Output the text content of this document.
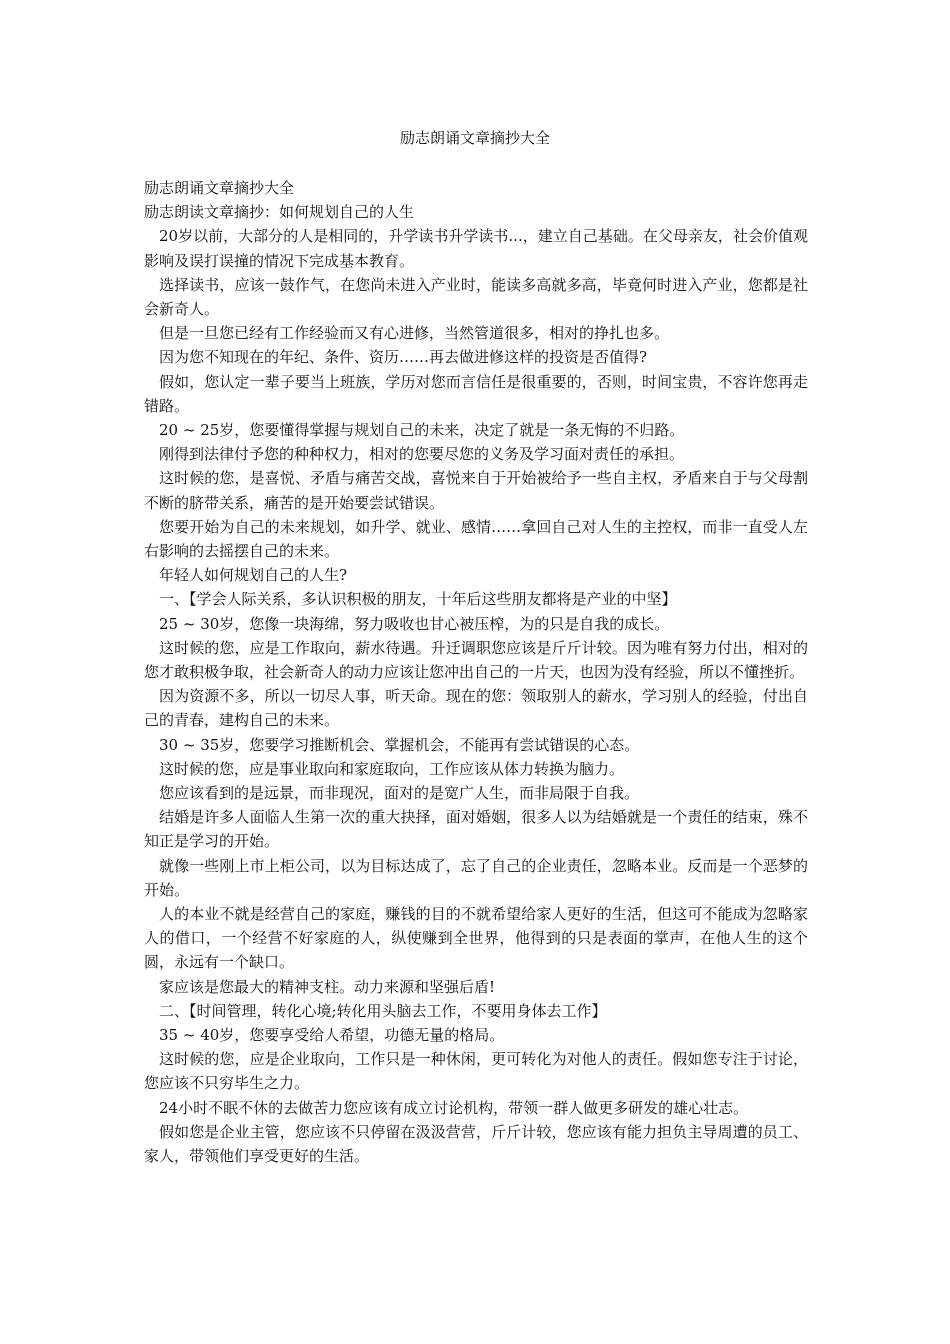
励志朗诵文章摘抄大全
励志朗诵文章摘抄大全
励志朗读文章摘抄：如何规划自己的人生

20岁以前，大部分的人是相同的，升学读书升学读书...，建立自己基础。在父母亲友，社会价值观影响及误打误撞的情况下完成基本教育。

选择读书，应该一鼓作气，在您尚未进入产业时，能读多高就多高，毕竟何时进入产业，您都是社会新奇人。

但是一旦您已经有工作经验而又有心进修，当然管道很多，相对的挣扎也多。

因为您不知现在的年纪、条件、资历……再去做进修这样的投资是否值得?

假如，您认定一辈子要当上班族，学历对您而言信任是很重要的，否则，时间宝贵，不容许您再走错路。

20 ~ 25岁，您要懂得掌握与规划自己的未来，决定了就是一条无悔的不归路。

刚得到法律付予您的种种权力，相对的您要尽您的义务及学习面对责任的承担。

这时候的您，是喜悦、矛盾与痛苦交战，喜悦来自于开始被给予一些自主权，矛盾来自于与父母割不断的脐带关系，痛苦的是开始要尝试错误。

您要开始为自己的未来规划，如升学、就业、感情……拿回自己对人生的主控权，而非一直受人左右影响的去摇摆自己的未来。

年轻人如何规划自己的人生?

一、【学会人际关系，多认识积极的朋友，十年后这些朋友都将是产业的中坚】

25 ~ 30岁，您像一块海绵，努力吸收也甘心被压榨，为的只是自我的成长。

这时候的您，应是工作取向，薪水待遇。升迁调职您应该是斤斤计较。因为唯有努力付出，相对的您才敢积极争取，社会新奇人的动力应该让您冲出自己的一片天，也因为没有经验，所以不懂挫折。

因为资源不多，所以一切尽人事，听天命。现在的您：领取别人的薪水，学习别人的经验，付出自己的青春，建构自己的未来。

30 ~ 35岁，您要学习推断机会、掌握机会，不能再有尝试错误的心态。

这时候的您，应是事业取向和家庭取向，工作应该从体力转换为脑力。

您应该看到的是远景，而非现况，面对的是宽广人生，而非局限于自我。

结婚是许多人面临人生第一次的重大抉择，面对婚姻，很多人以为结婚就是一个责任的结束，殊不知正是学习的开始。

就像一些刚上市上柜公司，以为目标达成了，忘了自己的企业责任，忽略本业。反而是一个恶梦的开始。

人的本业不就是经营自己的家庭，赚钱的目的不就希望给家人更好的生活，但这可不能成为忽略家人的借口，一个经营不好家庭的人，纵使赚到全世界，他得到的只是表面的掌声，在他人生的这个圆，永远有一个缺口。

家应该是您最大的精神支柱。动力来源和坚强后盾!

二、【时间管理，转化心境;转化用头脑去工作，不要用身体去工作】

35 ~ 40岁，您要享受给人希望，功德无量的格局。

这时候的您，应是企业取向，工作只是一种休闲，更可转化为对他人的责任。假如您专注于讨论，您应该不只穷毕生之力。

24小时不眠不休的去做苦力您应该有成立讨论机构，带领一群人做更多研发的雄心壮志。

假如您是企业主管，您应该不只停留在汲汲营营，斤斤计较，您应该有能力担负主导周遭的员工、家人，带领他们享受更好的生活。
